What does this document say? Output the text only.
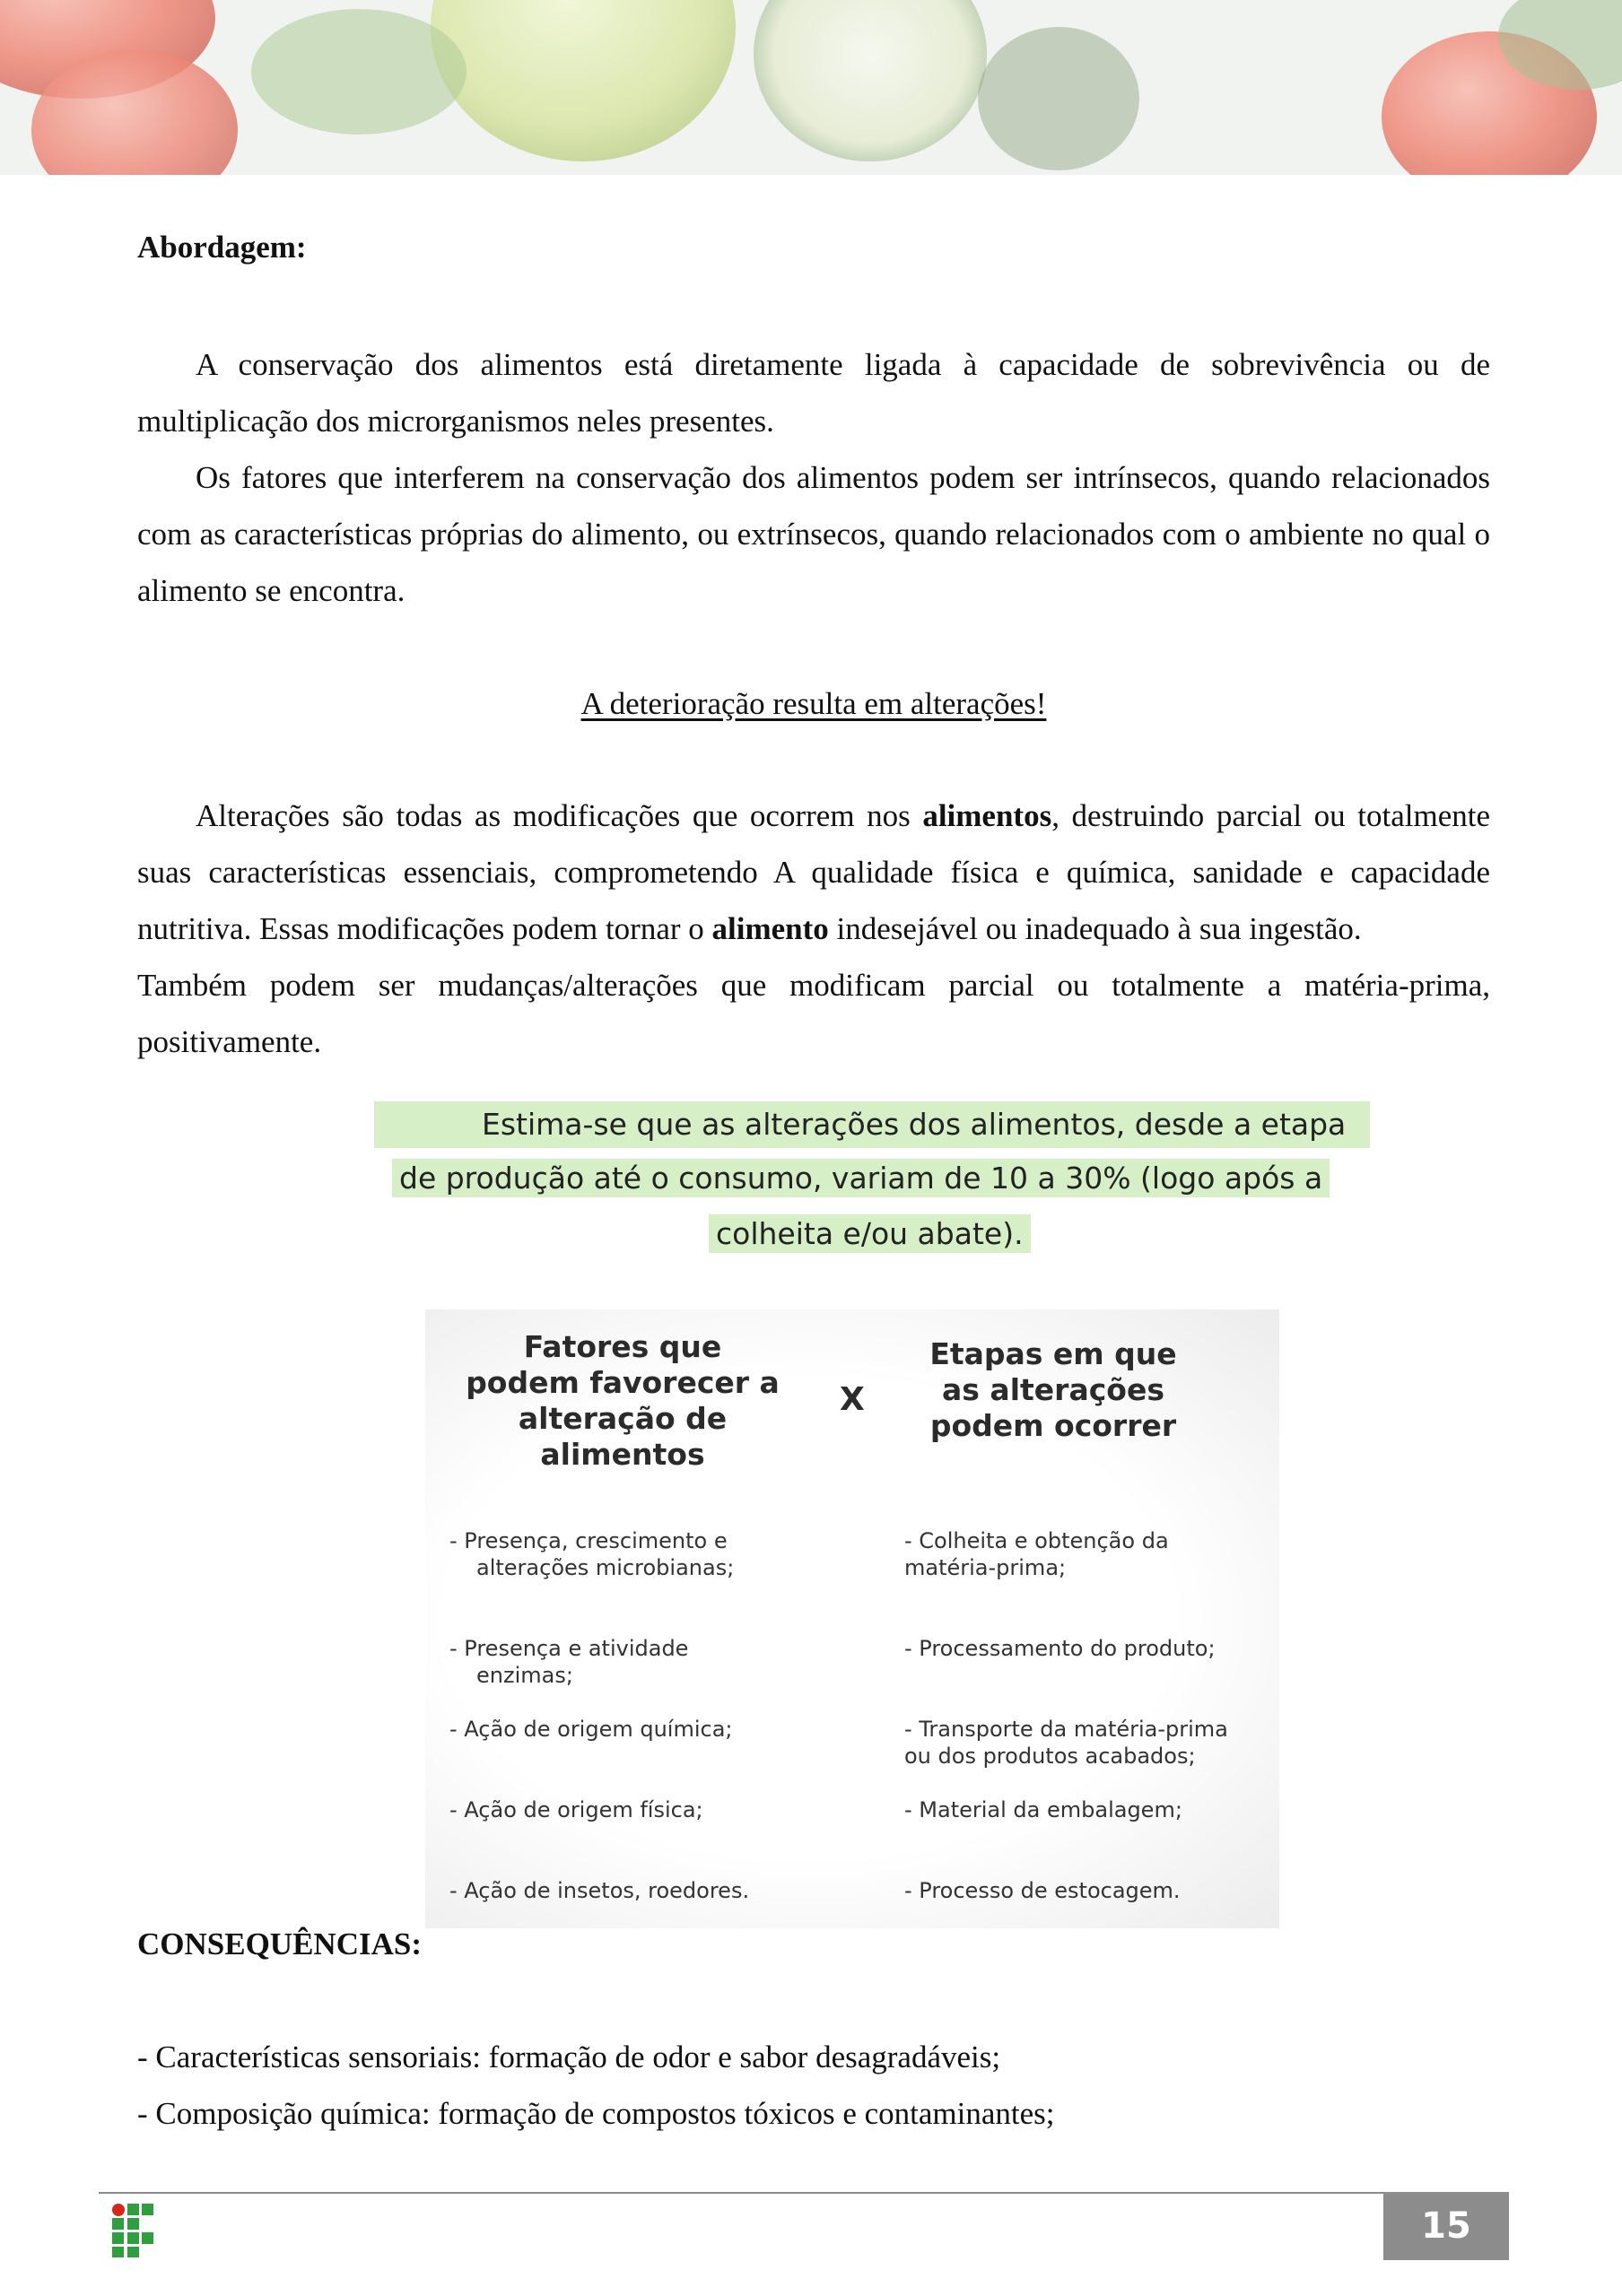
Abordagem:

A conservação dos alimentos está diretamente ligada à capacidade de sobrevivência ou de multiplicação dos microrganismos neles presentes.

Os fatores que interferem na conservação dos alimentos podem ser intrínsecos, quando relacionados com as características próprias do alimento, ou extrínsecos, quando relacionados com o ambiente no qual o alimento se encontra.

A deterioração resulta em alterações!

Alterações são todas as modificações que ocorrem nos alimentos, destruindo parcial ou totalmente suas características essenciais, comprometendo A qualidade física e química, sanidade e capacidade nutritiva. Essas modificações podem tornar o alimento indesejável ou inadequado à sua ingestão.
Também podem ser mudanças/alterações que modificam parcial ou totalmente a matéria-prima, positivamente.

Estima-se que as alterações dos alimentos, desde a etapa
de produção até o consumo, variam de 10 a 30% (logo após a
colheita e/ou abate).
Fatores que
podem favorecer a
alteração de
alimentos
X
Etapas em que
as alterações
podem ocorrer
- Presença, crescimento e
alterações microbianas;
- Presença e atividade
enzimas;
- Ação de origem química;
- Ação de origem física;
- Ação de insetos, roedores.
- Colheita e obtenção da
matéria-prima;
- Processamento do produto;
- Transporte da matéria-prima
ou dos produtos acabados;
- Material da embalagem;
- Processo de estocagem.
CONSEQUÊNCIAS:
- Características sensoriais: formação de odor e sabor desagradáveis;
- Composição química: formação de compostos tóxicos e contaminantes;
15
